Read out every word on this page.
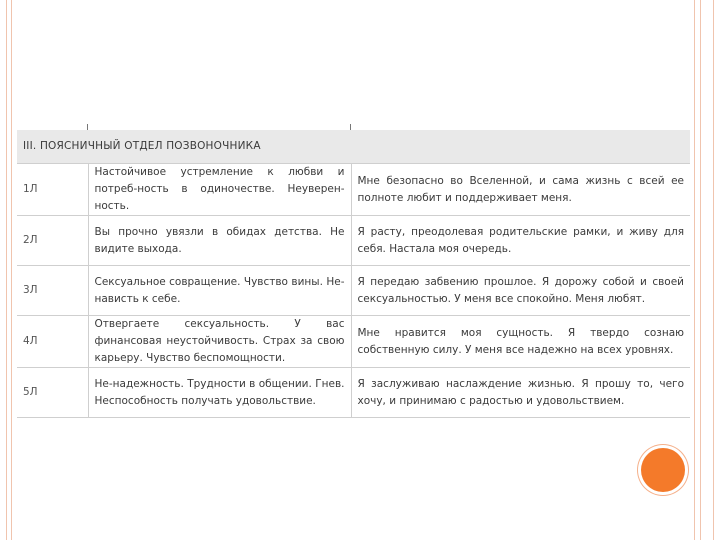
III. ПОЯСНИЧНЫЙ ОТДЕЛ ПОЗВОНОЧНИКА		
1Л	Настойчивое устремление к любви и потреб-ность в одиночестве. Неуверен-ность.	Мне безопасно во Вселенной, и сама жизнь с всей ее полноте любит и поддерживает меня.
2Л	Вы прочно увязли в обидах детства. Не видите выхода.	Я расту, преодолевая родительские рамки, и живу для себя. Настала моя очередь.
3Л	Сексуальное совращение. Чувство вины. Не-нависть к себе.	Я передаю забвению прошлое. Я дорожу собой и своей сексуальностью. У меня все спокойно. Меня любят.
4Л	Отвергаете сексуальность. У вас финансовая неустойчивость. Страх за свою карьеру. Чувство беспомощности.	Мне нравится моя сущность. Я твердо сознаю собственную силу. У меня все надежно на всех уровнях.
5Л	Не-надежность. Трудности в общении. Гнев. Неспособность получать удовольствие.	Я заслуживаю наслаждение жизнью. Я прошу то, чего хочу, и принимаю с радостью и удовольствием.
